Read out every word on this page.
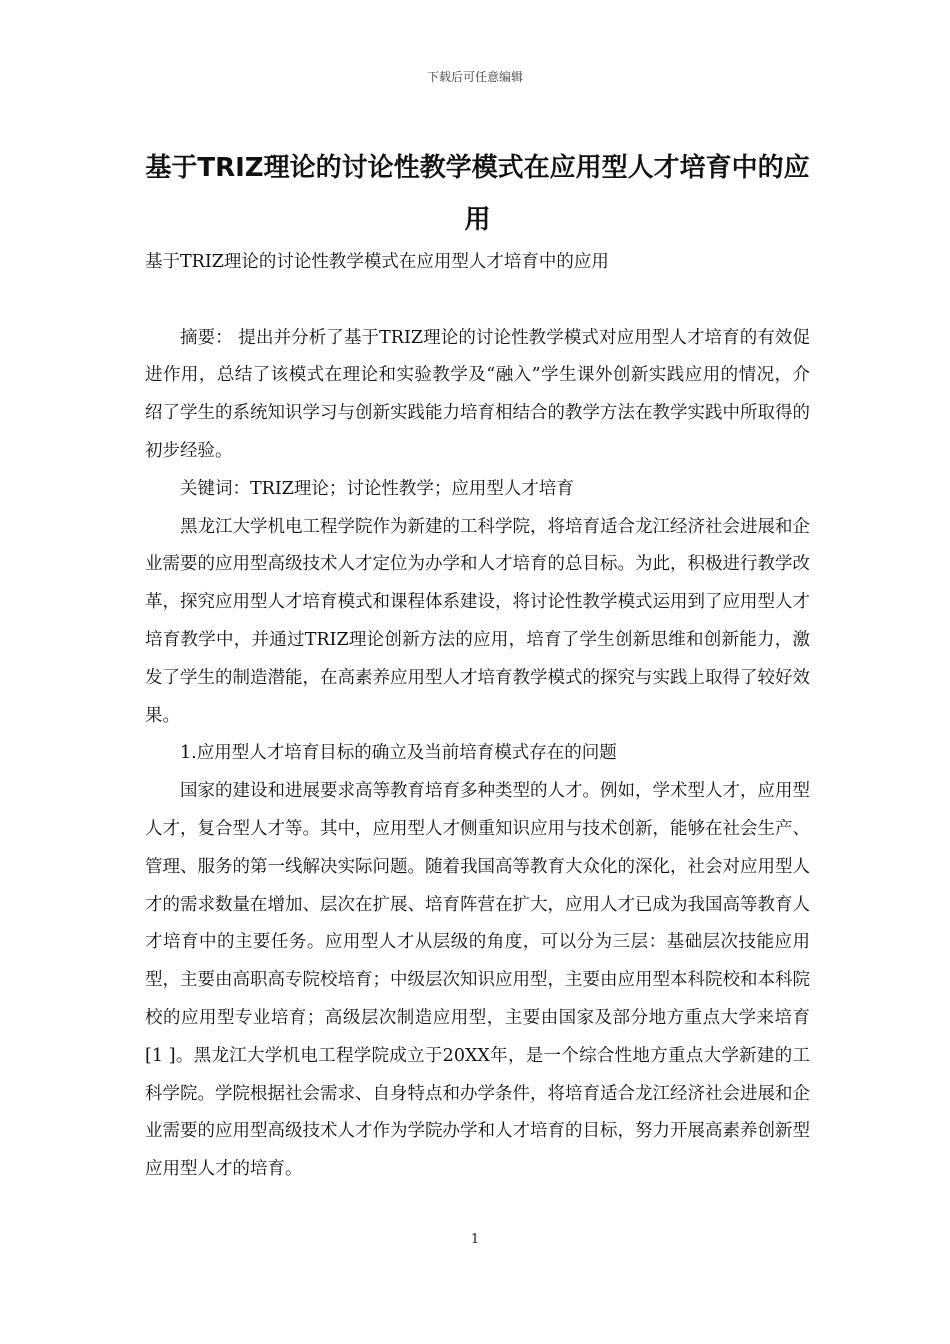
下载后可任意编辑
基于TRIZ理论的讨论性教学模式在应用型人才培育中的应用

基于TRIZ理论的讨论性教学模式在应用型人才培育中的应用

摘要： 提出并分析了基于TRIZ理论的讨论性教学模式对应用型人才培育的有效促进作用，总结了该模式在理论和实验教学及“融入”学生课外创新实践应用的情况，介绍了学生的系统知识学习与创新实践能力培育相结合的教学方法在教学实践中所取得的初步经验。

关键词：TRIZ理论；讨论性教学；应用型人才培育

黑龙江大学机电工程学院作为新建的工科学院，将培育适合龙江经济社会进展和企业需要的应用型高级技术人才定位为办学和人才培育的总目标。为此，积极进行教学改革，探究应用型人才培育模式和课程体系建设，将讨论性教学模式运用到了应用型人才培育教学中，并通过TRIZ理论创新方法的应用，培育了学生创新思维和创新能力，激发了学生的制造潜能，在高素养应用型人才培育教学模式的探究与实践上取得了较好效果。

1.应用型人才培育目标的确立及当前培育模式存在的问题

国家的建设和进展要求高等教育培育多种类型的人才。例如，学术型人才，应用型人才，复合型人才等。其中，应用型人才侧重知识应用与技术创新，能够在社会生产、管理、服务的第一线解决实际问题。随着我国高等教育大众化的深化，社会对应用型人才的需求数量在增加、层次在扩展、培育阵营在扩大，应用人才已成为我国高等教育人才培育中的主要任务。应用型人才从层级的角度，可以分为三层：基础层次技能应用型，主要由高职高专院校培育；中级层次知识应用型，主要由应用型本科院校和本科院校的应用型专业培育；高级层次制造应用型，主要由国家及部分地方重点大学来培育 [1 ]。黑龙江大学机电工程学院成立于20XX年，是一个综合性地方重点大学新建的工科学院。学院根据社会需求、自身特点和办学条件，将培育适合龙江经济社会进展和企业需要的应用型高级技术人才作为学院办学和人才培育的目标，努力开展高素养创新型应用型人才的培育。

1
